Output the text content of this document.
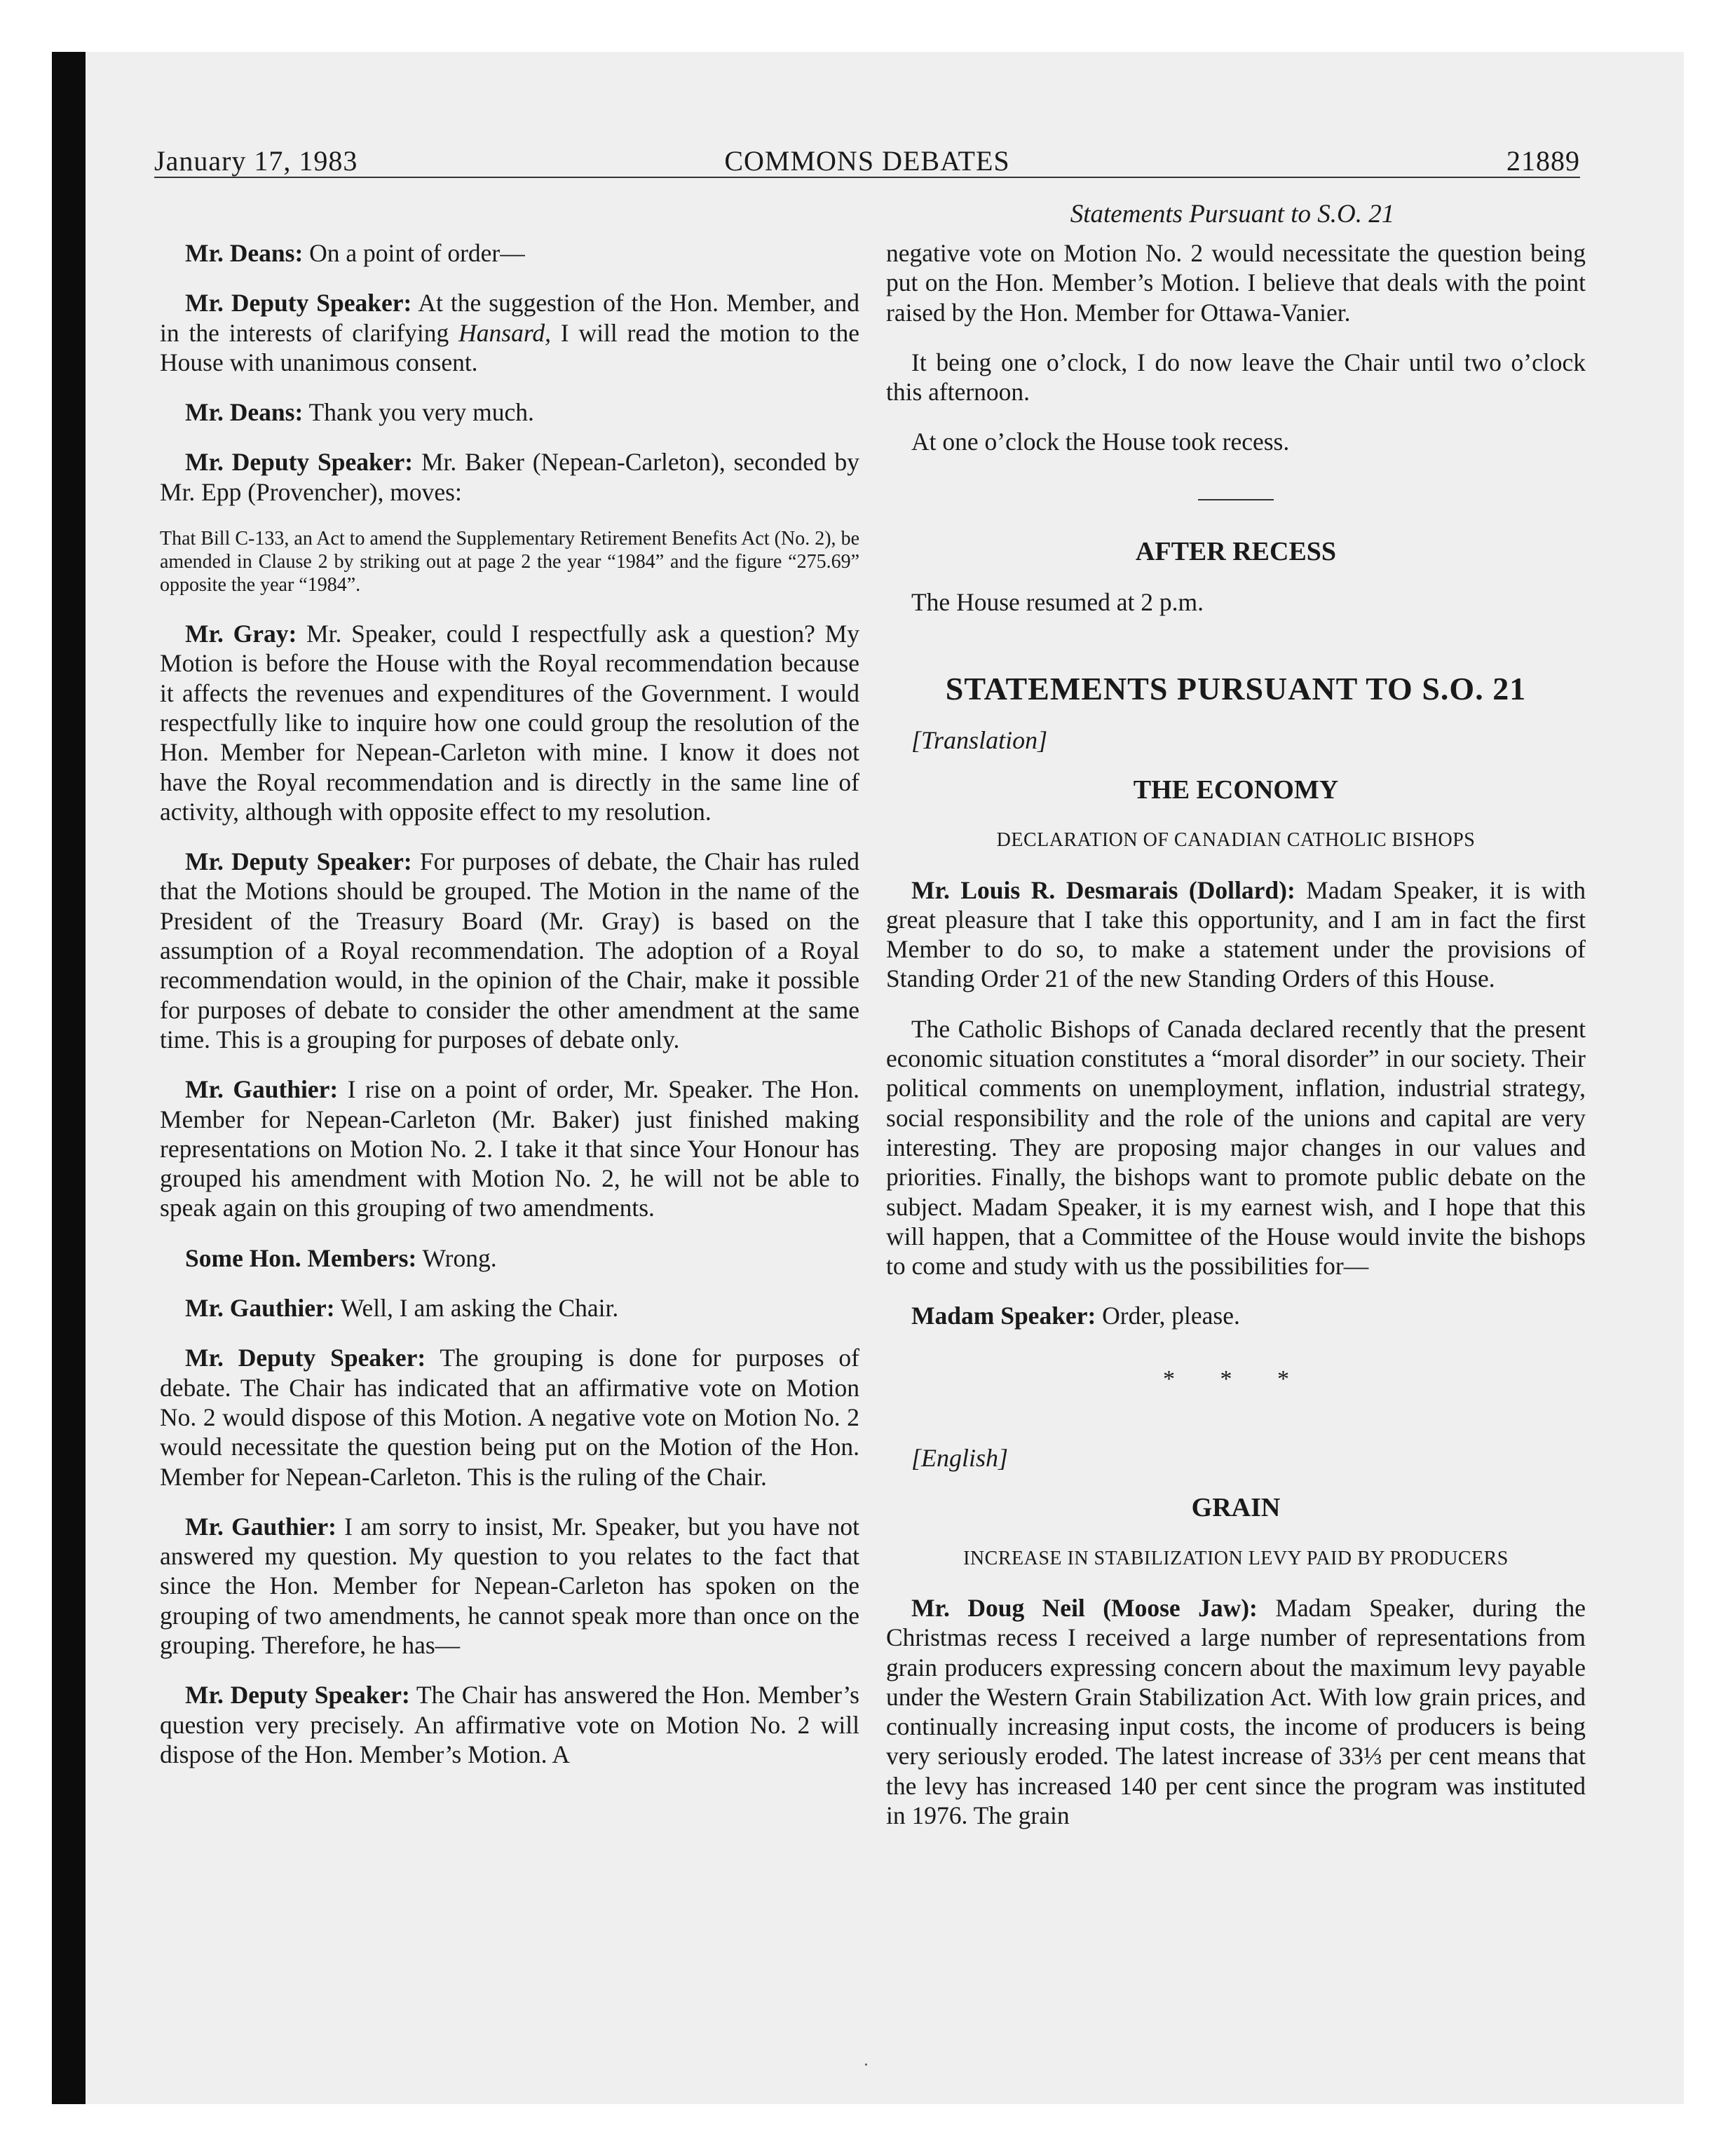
January 17, 1983	COMMONS DEBATES	21889
Statements Pursuant to S.O. 21

Mr. Deans: On a point of order—

Mr. Deputy Speaker: At the suggestion of the Hon. Member, and in the interests of clarifying Hansard, I will read the motion to the House with unanimous consent.

Mr. Deans: Thank you very much.

Mr. Deputy Speaker: Mr. Baker (Nepean-Carleton), seconded by Mr. Epp (Provencher), moves:

That Bill C-133, an Act to amend the Supplementary Retirement Benefits Act (No. 2), be amended in Clause 2 by striking out at page 2 the year “1984” and the figure “275.69” opposite the year “1984”.

Mr. Gray: Mr. Speaker, could I respectfully ask a question? My Motion is before the House with the Royal recommendation because it affects the revenues and expenditures of the Government. I would respectfully like to inquire how one could group the resolution of the Hon. Member for Nepean-Carleton with mine. I know it does not have the Royal recommendation and is directly in the same line of activity, although with opposite effect to my resolution.

Mr. Deputy Speaker: For purposes of debate, the Chair has ruled that the Motions should be grouped. The Motion in the name of the President of the Treasury Board (Mr. Gray) is based on the assumption of a Royal recommendation. The adoption of a Royal recommendation would, in the opinion of the Chair, make it possible for purposes of debate to consider the other amendment at the same time. This is a grouping for purposes of debate only.

Mr. Gauthier: I rise on a point of order, Mr. Speaker. The Hon. Member for Nepean-Carleton (Mr. Baker) just finished making representations on Motion No. 2. I take it that since Your Honour has grouped his amendment with Motion No. 2, he will not be able to speak again on this grouping of two amendments.

Some Hon. Members: Wrong.

Mr. Gauthier: Well, I am asking the Chair.

Mr. Deputy Speaker: The grouping is done for purposes of debate. The Chair has indicated that an affirmative vote on Motion No. 2 would dispose of this Motion. A negative vote on Motion No. 2 would necessitate the question being put on the Motion of the Hon. Member for Nepean-Carleton. This is the ruling of the Chair.

Mr. Gauthier: I am sorry to insist, Mr. Speaker, but you have not answered my question. My question to you relates to the fact that since the Hon. Member for Nepean-Carleton has spoken on the grouping of two amendments, he cannot speak more than once on the grouping. Therefore, he has—

Mr. Deputy Speaker: The Chair has answered the Hon. Member’s question very precisely. An affirmative vote on Motion No. 2 will dispose of the Hon. Member’s Motion. A

negative vote on Motion No. 2 would necessitate the question being put on the Hon. Member’s Motion. I believe that deals with the point raised by the Hon. Member for Ottawa-Vanier.

It being one o’clock, I do now leave the Chair until two o’clock this afternoon.

At one o’clock the House took recess.

AFTER RECESS

The House resumed at 2 p.m.

STATEMENTS PURSUANT TO S.O. 21

[Translation]

THE ECONOMY
DECLARATION OF CANADIAN CATHOLIC BISHOPS

Mr. Louis R. Desmarais (Dollard): Madam Speaker, it is with great pleasure that I take this opportunity, and I am in fact the first Member to do so, to make a statement under the provisions of Standing Order 21 of the new Standing Orders of this House.

The Catholic Bishops of Canada declared recently that the present economic situation constitutes a “moral disorder” in our society. Their political comments on unemployment, inflation, industrial strategy, social responsibility and the role of the unions and capital are very interesting. They are proposing major changes in our values and priorities. Finally, the bishops want to promote public debate on the subject. Madam Speaker, it is my earnest wish, and I hope that this will happen, that a Committee of the House would invite the bishops to come and study with us the possibilities for—

Madam Speaker: Order, please.

* * *

[English]

GRAIN
INCREASE IN STABILIZATION LEVY PAID BY PRODUCERS

Mr. Doug Neil (Moose Jaw): Madam Speaker, during the Christmas recess I received a large number of representations from grain producers expressing concern about the maximum levy payable under the Western Grain Stabilization Act. With low grain prices, and continually increasing input costs, the income of producers is being very seriously eroded. The latest increase of 33⅓ per cent means that the levy has increased 140 per cent since the program was instituted in 1976. The grain
